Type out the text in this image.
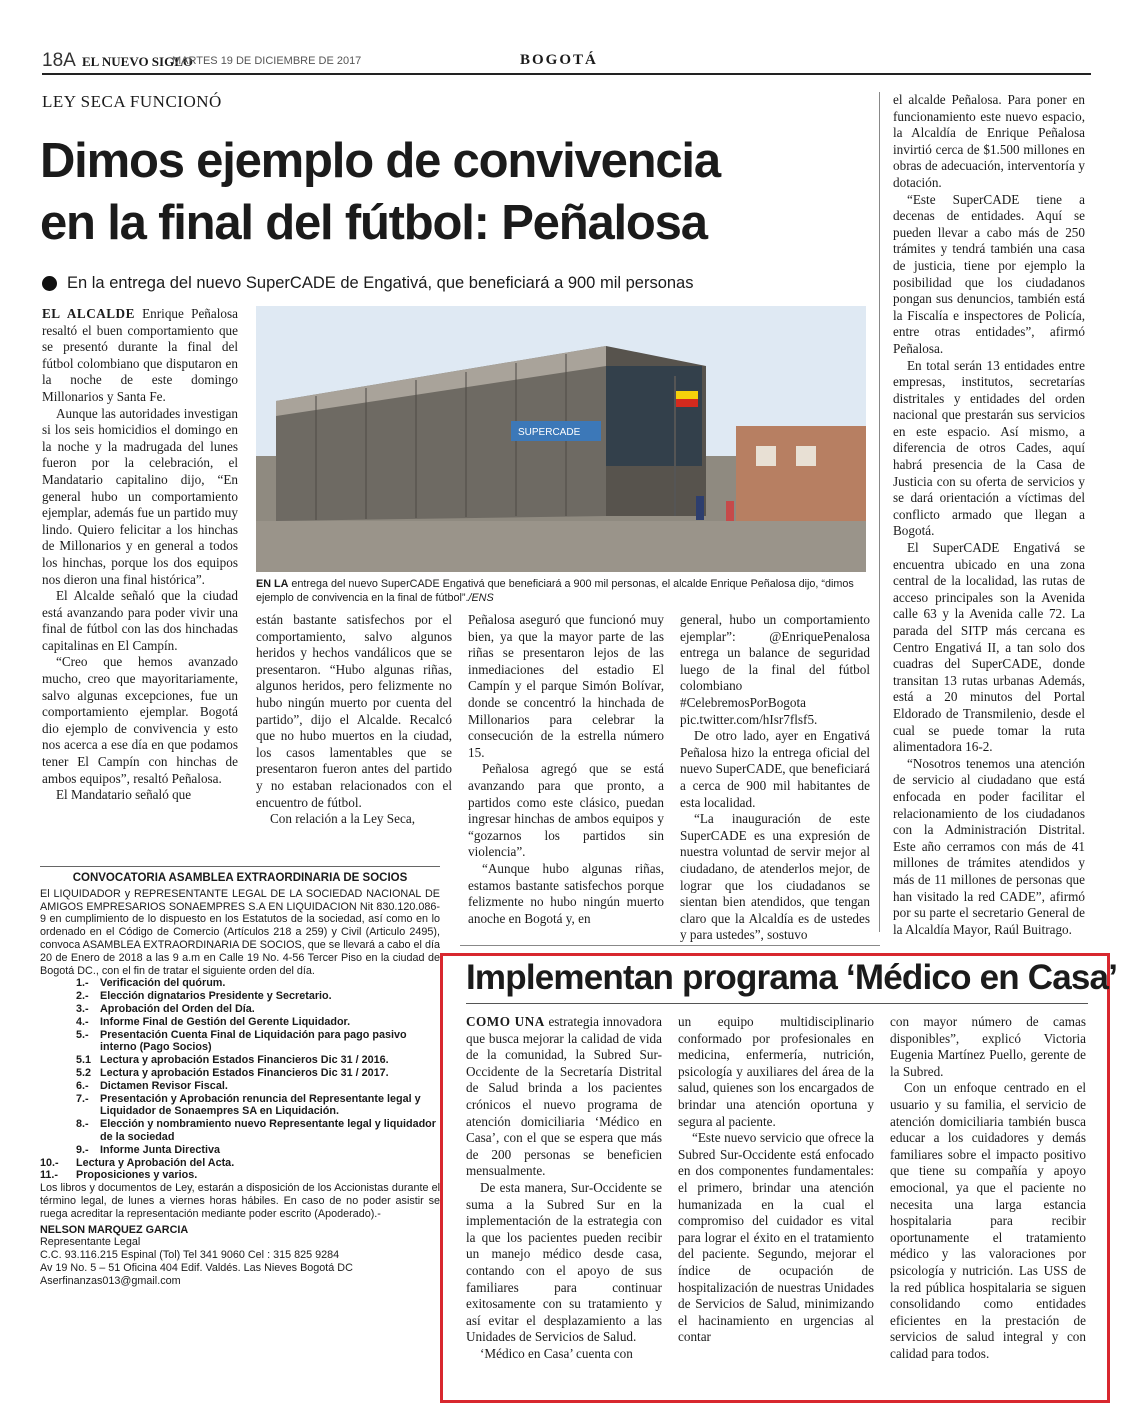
18A EL NUEVO SIGLO
MARTES 19 DE DICIEMBRE DE 2017	BOGOTÁ
LEY SECA FUNCIONÓ
Dimos ejemplo de convivencia
en la final del fútbol: Peñalosa
En la entrega del nuevo SuperCADE de Engativá, que beneficiará a 900 mil personas

EL ALCALDE Enrique Peñalosa resaltó el buen comportamiento que se presentó durante la final del fútbol colombiano que disputaron en la noche de este domingo Millonarios y Santa Fe.

Aunque las autoridades investigan si los seis homicidios el domingo en la noche y la madrugada del lunes fueron por la celebración, el Mandatario capitalino dijo, “En general hubo un comportamiento ejemplar, además fue un partido muy lindo. Quiero felicitar a los hinchas de Millonarios y en general a todos los hinchas, porque los dos equipos nos dieron una final histórica”.

El Alcalde señaló que la ciudad está avanzando para poder vivir una final de fútbol con las dos hinchadas capitalinas en El Campín.

“Creo que hemos avanzado mucho, creo que mayoritariamente, salvo algunas excepciones, fue un comportamiento ejemplar. Bogotá dio ejemplo de convivencia y esto nos acerca a ese día en que podamos tener El Campín con hinchas de ambos equipos”, resaltó Peñalosa.

El Mandatario señaló que

SUPERCADE
EN LA entrega del nuevo SuperCADE Engativá que beneficiará a 900 mil personas, el alcalde Enrique Peñalosa dijo, “dimos ejemplo de convivencia en la final de fútbol”./ENS

están bastante satisfechos por el comportamiento, salvo algunos heridos y hechos vandálicos que se presentaron. “Hubo algunas riñas, algunos heridos, pero felizmente no hubo ningún muerto por cuenta del partido”, dijo el Alcalde. Recalcó que no hubo muertos en la ciudad, los casos lamentables que se presentaron fueron antes del partido y no estaban relacionados con el encuentro de fútbol.

Con relación a la Ley Seca,

Peñalosa aseguró que funcionó muy bien, ya que la mayor parte de las riñas se presentaron lejos de las inmediaciones del estadio El Campín y el parque Simón Bolívar, donde se concentró la hinchada de Millonarios para celebrar la consecución de la estrella número 15.

Peñalosa agregó que se está avanzando para que pronto, a partidos como este clásico, puedan ingresar hinchas de ambos equipos y “gozarnos los partidos sin violencia”.

“Aunque hubo algunas riñas, estamos bastante satisfechos porque felizmente no hubo ningún muerto anoche en Bogotá y, en

general, hubo un comportamiento ejemplar”: @EnriquePenalosa entrega un balance de seguridad luego de la final del fútbol colombiano #CelebremosPorBogota pic.twitter.com/hIsr7flsf5.

De otro lado, ayer en Engativá Peñalosa hizo la entrega oficial del nuevo SuperCADE, que beneficiará a cerca de 900 mil habitantes de esta localidad.

“La inauguración de este SuperCADE es una expresión de nuestra voluntad de servir mejor al ciudadano, de atenderlos mejor, de lograr que los ciudadanos se sientan bien atendidos, que tengan claro que la Alcaldía es de ustedes y para ustedes”, sostuvo

el alcalde Peñalosa. Para poner en funcionamiento este nuevo espacio, la Alcaldía de Enrique Peñalosa invirtió cerca de $1.500 millones en obras de adecuación, interventoría y dotación.

“Este SuperCADE tiene a decenas de entidades. Aquí se pueden llevar a cabo más de 250 trámites y tendrá también una casa de justicia, tiene por ejemplo la posibilidad que los ciudadanos pongan sus denuncios, también está la Fiscalía e inspectores de Policía, entre otras entidades”, afirmó Peñalosa.

En total serán 13 entidades entre empresas, institutos, secretarías distritales y entidades del orden nacional que prestarán sus servicios en este espacio. Así mismo, a diferencia de otros Cades, aquí habrá presencia de la Casa de Justicia con su oferta de servicios y se dará orientación a víctimas del conflicto armado que llegan a Bogotá.

El SuperCADE Engativá se encuentra ubicado en una zona central de la localidad, las rutas de acceso principales son la Avenida calle 63 y la Avenida calle 72. La parada del SITP más cercana es Centro Engativá II, a tan solo dos cuadras del SuperCADE, donde transitan 13 rutas urbanas Además, está a 20 minutos del Portal Eldorado de Transmilenio, desde el cual se puede tomar la ruta alimentadora 16-2.

“Nosotros tenemos una atención de servicio al ciudadano que está enfocada en poder facilitar el relacionamiento de los ciudadanos con la Administración Distrital. Este año cerramos con más de 41 millones de trámites atendidos y más de 11 millones de personas que han visitado la red CADE”, afirmó por su parte el secretario General de la Alcaldía Mayor, Raúl Buitrago.

CONVOCATORIA ASAMBLEA EXTRAORDINARIA DE SOCIOS

El LIQUIDADOR y REPRESENTANTE LEGAL DE LA SOCIEDAD NACIONAL DE AMIGOS EMPRESARIOS SONAEMPRES S.A EN LIQUIDACION Nit 830.120.086-9 en cumplimiento de lo dispuesto en los Estatutos de la sociedad, así como en lo ordenado en el Código de Comercio (Artículos 218 a 259) y Civil (Articulo 2495), convoca ASAMBLEA EXTRAORDINARIA DE SOCIOS, que se llevará a cabo el día 20 de Enero de 2018 a las 9 a.m en Calle 19 No. 4-56 Tercer Piso en la ciudad de Bogotá DC., con el fin de tratar el siguiente orden del día.

1.-	Verificación del quórum.
2.-	Elección dignatarios Presidente y Secretario.
3.-	Aprobación del Orden del Día.
4.-	Informe Final de Gestión del Gerente Liquidador.
5.-	Presentación Cuenta Final de Liquidación para pago pasivo interno (Pago Socios)
5.1 Lectura y aprobación Estados Financieros Dic 31 / 2016.
5.2 Lectura y aprobación Estados Financieros Dic 31 / 2017.
6.-	Dictamen Revisor Fiscal.
7.-	Presentación y Aprobación renuncia del Representante legal y Liquidador de Sonaempres SA en Liquidación.
8.-	Elección y nombramiento nuevo Representante legal y liquidador de la sociedad
9.-	Informe Junta Directiva
10.-	Lectura y Aprobación del Acta.
11.-	Proposiciones y varios.

Los libros y documentos de Ley, estarán a disposición de los Accionistas durante el término legal, de lunes a viernes horas hábiles. En caso de no poder asistir se ruega acreditar la representación mediante poder escrito (Apoderado).-

NELSON MARQUEZ GARCIA
Representante Legal
C.C. 93.116.215 Espinal (Tol) Tel 341 9060 Cel : 315 825 9284
Av 19 No. 5 – 51 Oficina 404 Edif. Valdés. Las Nieves Bogotá DC
Aserfinanzas013@gmail.com
Implementan programa ‘Médico en Casa’

COMO UNA estrategia innovadora que busca mejorar la calidad de vida de la comunidad, la Subred Sur-Occidente de la Secretaría Distrital de Salud brinda a los pacientes crónicos el nuevo programa de atención domiciliaria ‘Médico en Casa’, con el que se espera que más de 200 personas se beneficien mensualmente.

De esta manera, Sur-Occidente se suma a la Subred Sur en la implementación de la estrategia con la que los pacientes pueden recibir un manejo médico desde casa, contando con el apoyo de sus familiares para continuar exitosamente con su tratamiento y así evitar el desplazamiento a las Unidades de Servicios de Salud.

‘Médico en Casa’ cuenta con

un equipo multidisciplinario conformado por profesionales en medicina, enfermería, nutrición, psicología y auxiliares del área de la salud, quienes son los encargados de brindar una atención oportuna y segura al paciente.

“Este nuevo servicio que ofrece la Subred Sur-Occidente está enfocado en dos componentes fundamentales: el primero, brindar una atención humanizada en la cual el compromiso del cuidador es vital para lograr el éxito en el tratamiento del paciente. Segundo, mejorar el índice de ocupación de hospitalización de nuestras Unidades de Servicios de Salud, minimizando el hacinamiento en urgencias al contar

con mayor número de camas disponibles”, explicó Victoria Eugenia Martínez Puello, gerente de la Subred.

Con un enfoque centrado en el usuario y su familia, el servicio de atención domiciliaria también busca educar a los cuidadores y demás familiares sobre el impacto positivo que tiene su compañía y apoyo emocional, ya que el paciente no necesita una larga estancia hospitalaria para recibir oportunamente el tratamiento médico y las valoraciones por psicología y nutrición. Las USS de la red pública hospitalaria se siguen consolidando como entidades eficientes en la prestación de servicios de salud integral y con calidad para todos.
